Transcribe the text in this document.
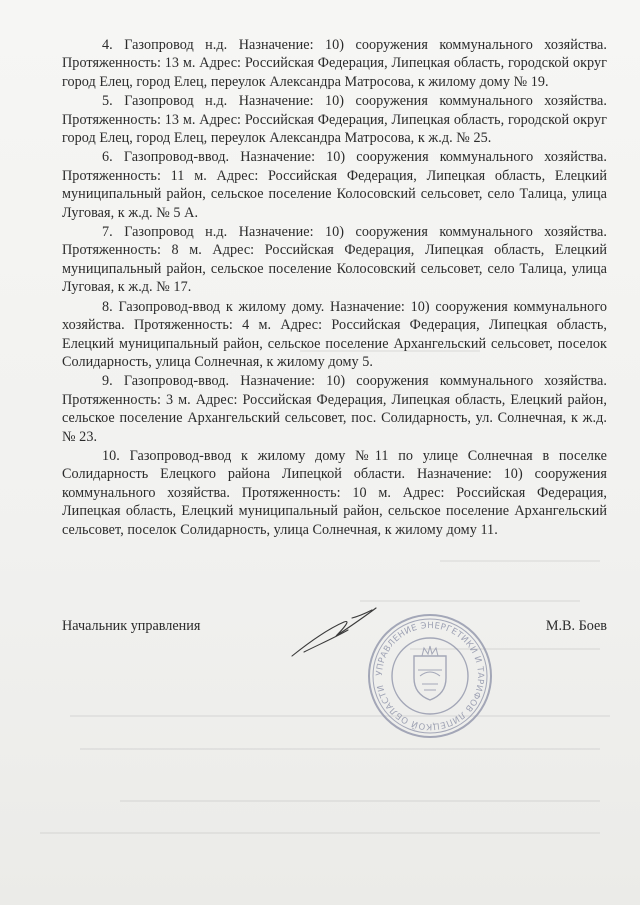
4. Газопровод н.д. Назначение: 10) сооружения коммунального хозяйства. Протяженность: 13 м. Адрес: Российская Федерация, Липецкая область, городской округ город Елец, город Елец, переулок Александра Матросова, к жилому дому № 19.

5. Газопровод н.д. Назначение: 10) сооружения коммунального хозяйства. Протяженность: 13 м. Адрес: Российская Федерация, Липецкая область, городской округ город Елец, город Елец, переулок Александра Матросова, к ж.д. № 25.

6. Газопровод-ввод. Назначение: 10) сооружения коммунального хозяйства. Протяженность: 11 м. Адрес: Российская Федерация, Липецкая область, Елецкий муниципальный район, сельское поселение Колосовский сельсовет, село Талица, улица Луговая, к ж.д. № 5 А.

7. Газопровод н.д. Назначение: 10) сооружения коммунального хозяйства. Протяженность: 8 м. Адрес: Российская Федерация, Липецкая область, Елецкий муниципальный район, сельское поселение Колосовский сельсовет, село Талица, улица Луговая, к ж.д. № 17.

8. Газопровод-ввод к жилому дому. Назначение: 10) сооружения коммунального хозяйства. Протяженность: 4 м. Адрес: Российская Федерация, Липецкая область, Елецкий муниципальный район, сельское поселение Архангельский сельсовет, поселок Солидарность, улица Солнечная, к жилому дому 5.

9. Газопровод-ввод. Назначение: 10) сооружения коммунального хозяйства. Протяженность: 3 м. Адрес: Российская Федерация, Липецкая область, Елецкий район, сельское поселение Архангельский сельсовет, пос. Солидарность, ул. Солнечная, к ж.д. № 23.

10. Газопровод-ввод к жилому дому №11 по улице Солнечная в поселке Солидарность Елецкого района Липецкой области. Назначение: 10) сооружения коммунального хозяйства. Протяженность: 10 м. Адрес: Российская Федерация, Липецкая область, Елецкий муниципальный район, сельское поселение Архангельский сельсовет, поселок Солидарность, улица Солнечная, к жилому дому 11.

УПРАВЛЕНИЕ ЭНЕРГЕТИКИ И ТАРИФОВ ЛИПЕЦКОЙ ОБЛАСТИ
Начальник управления	М.В. Боев
